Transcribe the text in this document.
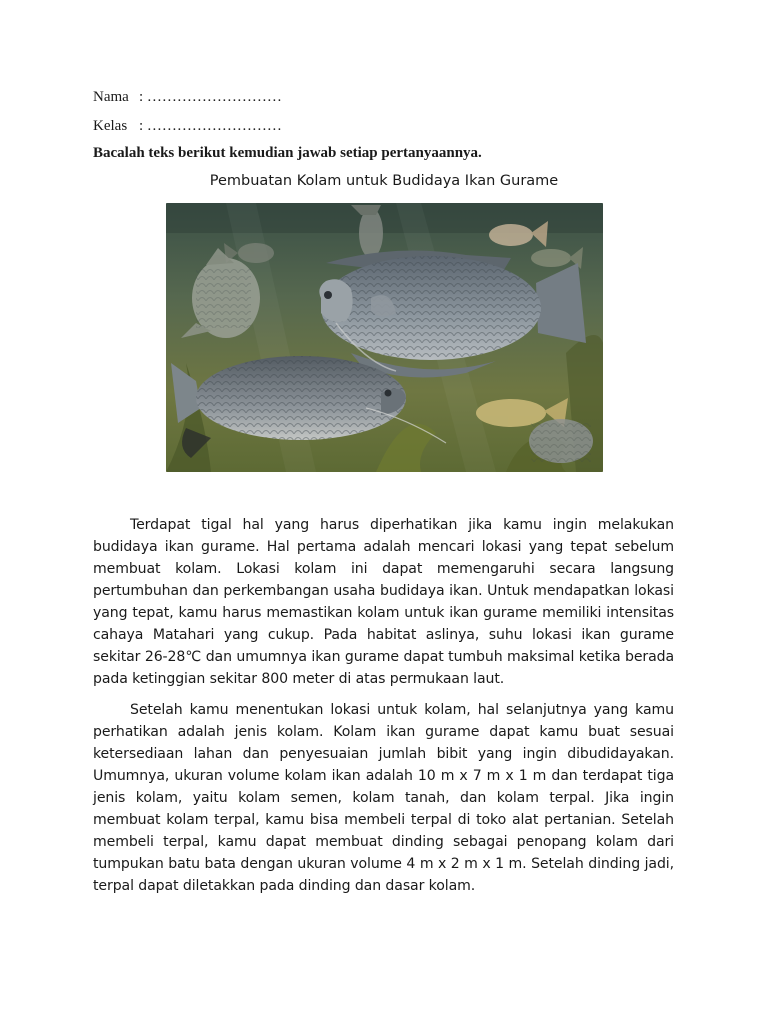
Nama : ………………………
Kelas : ………………………
Bacalah teks berikut kemudian jawab setiap pertanyaannya.
Pembuatan Kolam untuk Budidaya Ikan Gurame

Terdapat tigal hal yang harus diperhatikan jika kamu ingin melakukan budidaya ikan gurame. Hal pertama adalah mencari lokasi yang tepat sebelum membuat kolam. Lokasi kolam ini dapat memengaruhi secara langsung pertumbuhan dan perkembangan usaha budidaya ikan. Untuk mendapatkan lokasi yang tepat, kamu harus memastikan kolam untuk ikan gurame memiliki intensitas cahaya Matahari yang cukup. Pada habitat aslinya, suhu lokasi ikan gurame sekitar 26-28℃ dan umumnya ikan gurame dapat tumbuh maksimal ketika berada pada ketinggian sekitar 800 meter di atas permukaan laut.

Setelah kamu menentukan lokasi untuk kolam, hal selanjutnya yang kamu perhatikan adalah jenis kolam. Kolam ikan gurame dapat kamu buat sesuai ketersediaan lahan dan penyesuaian jumlah bibit yang ingin dibudidayakan. Umumnya, ukuran volume kolam ikan adalah 10 m x 7 m x 1 m dan terdapat tiga jenis kolam, yaitu kolam semen, kolam tanah, dan kolam terpal. Jika ingin membuat kolam terpal, kamu bisa membeli terpal di toko alat pertanian. Setelah membeli terpal, kamu dapat membuat dinding sebagai penopang kolam dari tumpukan batu bata dengan ukuran volume 4 m x 2 m x 1 m. Setelah dinding jadi, terpal dapat diletakkan pada dinding dan dasar kolam.
